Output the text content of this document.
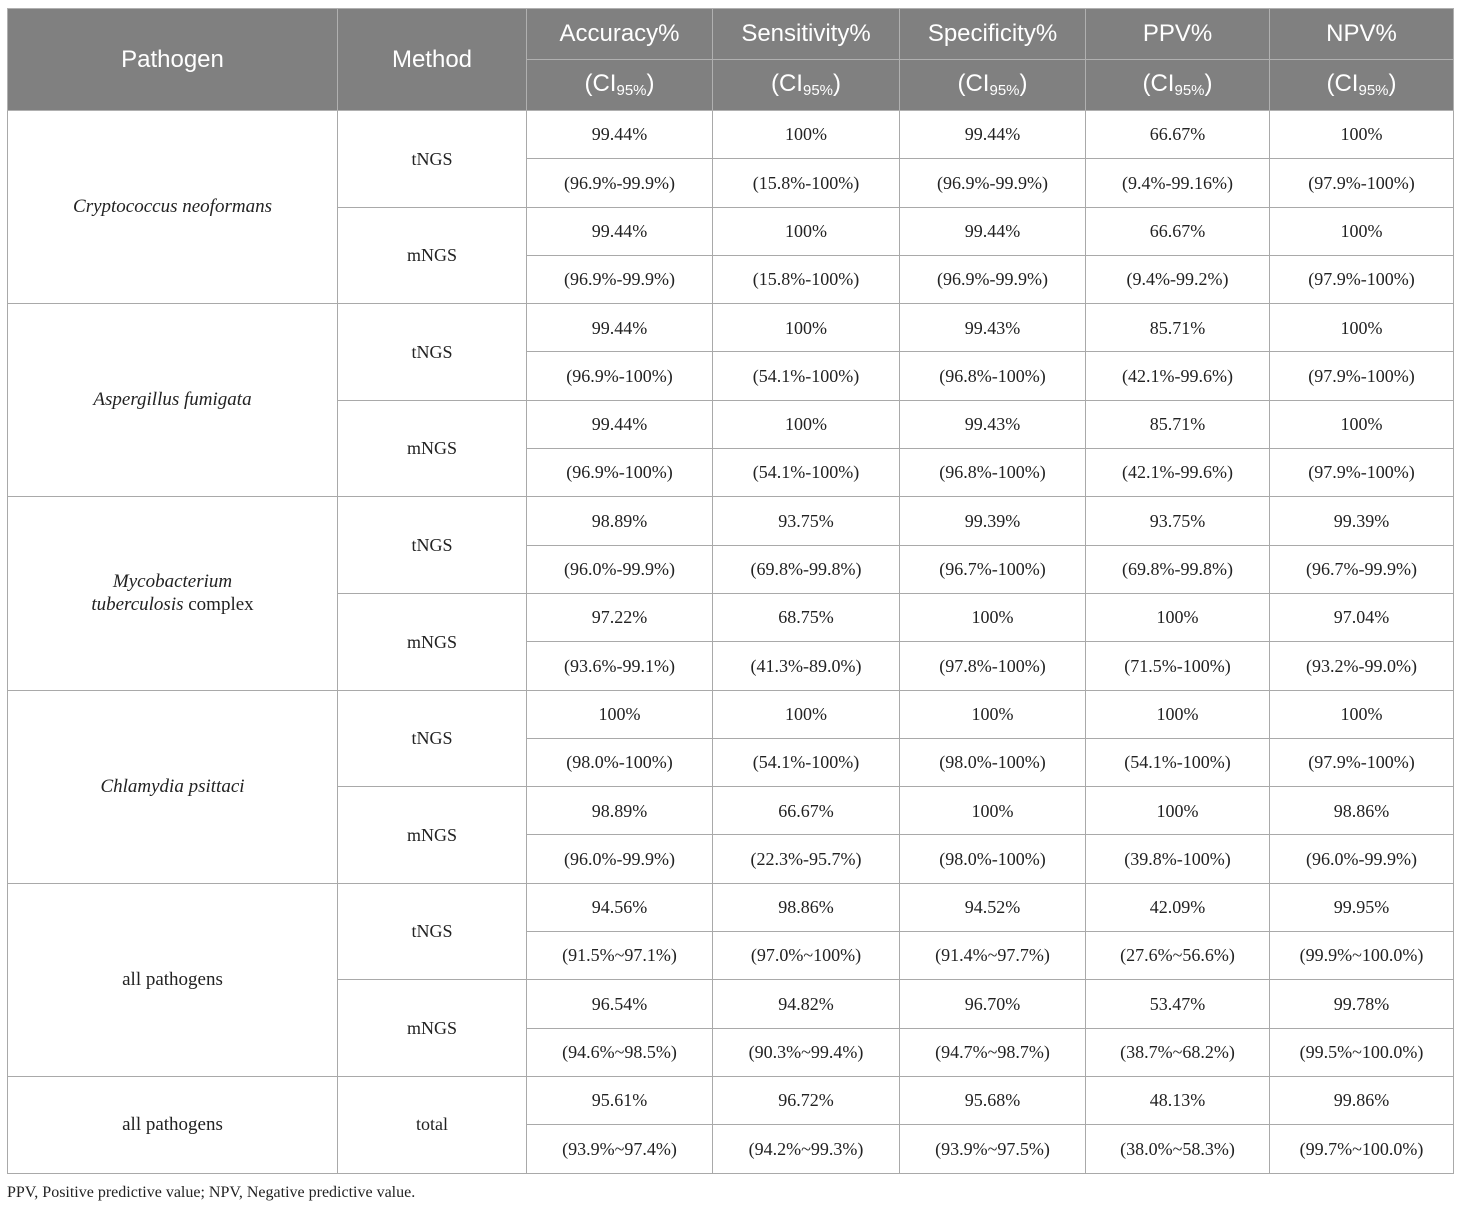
Pathogen	Method	Accuracy%	Sensitivity%	Specificity%	PPV%	NPV%
		$(CI_{95\%})$	$(CI_{95\%})$	$(CI_{95\%})$	$(CI_{95\%})$	$(CI_{95\%})$

Cryptococcus neoformans	tNGS	99.44%	100%	99.44%	66.67%	100%
		(96.9%-99.9%)	(15.8%-100%)	(96.9%-99.9%)	(9.4%-99.16%)	(97.9%-100%)
	mNGS	99.44%	100%	99.44%	66.67%	100%
		(96.9%-99.9%)	(15.8%-100%)	(96.9%-99.9%)	(9.4%-99.2%)	(97.9%-100%)

Aspergillus fumigata	tNGS	99.44%	100%	99.43%	85.71%	100%
		(96.9%-100%)	(54.1%-100%)	(96.8%-100%)	(42.1%-99.6%)	(97.9%-100%)
	mNGS	99.44%	100%	99.43%	85.71%	100%
		(96.9%-100%)	(54.1%-100%)	(96.8%-100%)	(42.1%-99.6%)	(97.9%-100%)

Mycobacterium
tuberculosis complex	tNGS	98.89%	93.75%	99.39%	93.75%	99.39%
		(96.0%-99.9%)	(69.8%-99.8%)	(96.7%-100%)	(69.8%-99.8%)	(96.7%-99.9%)
	mNGS	97.22%	68.75%	100%	100%	97.04%
		(93.6%-99.1%)	(41.3%-89.0%)	(97.8%-100%)	(71.5%-100%)	(93.2%-99.0%)

Chlamydia psittaci	tNGS	100%	100%	100%	100%	100%
		(98.0%-100%)	(54.1%-100%)	(98.0%-100%)	(54.1%-100%)	(97.9%-100%)
	mNGS	98.89%	66.67%	100%	100%	98.86%
		(96.0%-99.9%)	(22.3%-95.7%)	(98.0%-100%)	(39.8%-100%)	(96.0%-99.9%)

all pathogens	tNGS	94.56%	98.86%	94.52%	42.09%	99.95%
		(91.5%~97.1%)	(97.0%~100%)	(91.4%~97.7%)	(27.6%~56.6%)	(99.9%~100.0%)
	mNGS	96.54%	94.82%	96.70%	53.47%	99.78%
		(94.6%~98.5%)	(90.3%~99.4%)	(94.7%~98.7%)	(38.7%~68.2%)	(99.5%~100.0%)

all pathogens	total	95.61%	96.72%	95.68%	48.13%	99.86%
		(93.9%~97.4%)	(94.2%~99.3%)	(93.9%~97.5%)	(38.0%~58.3%)	(99.7%~100.0%)
PPV, Positive predictive value; NPV, Negative predictive value.
